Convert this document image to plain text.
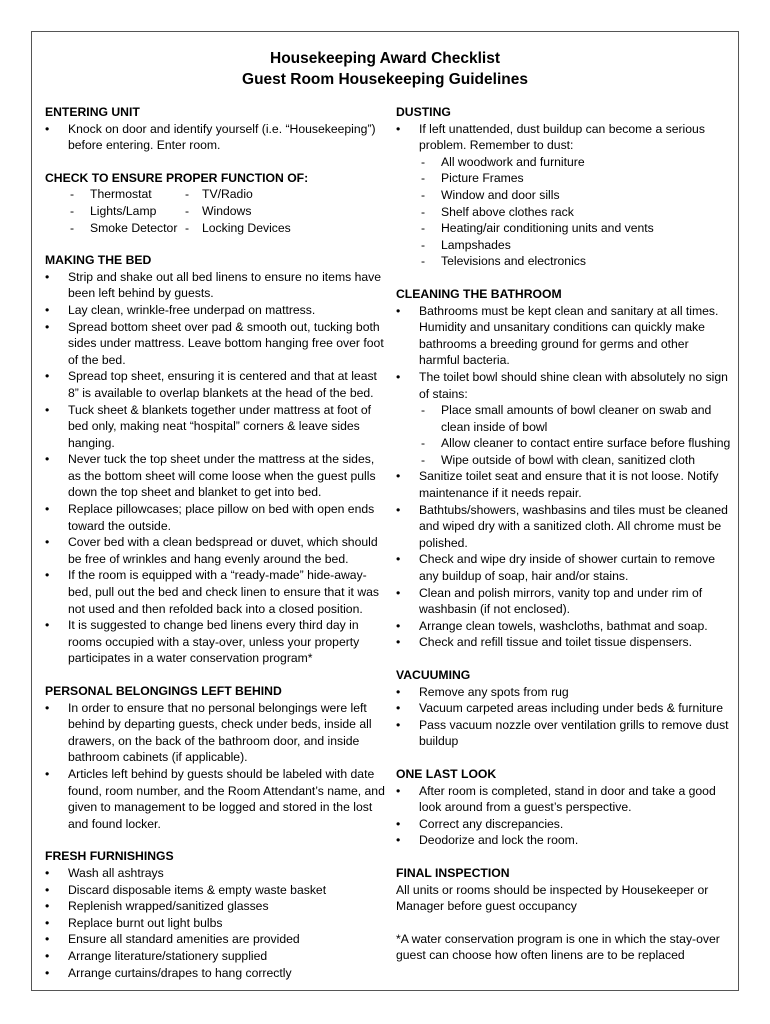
Housekeeping Award Checklist
Guest Room Housekeeping Guidelines
ENTERING UNIT
• Knock on door and identify yourself (i.e. “Housekeeping”) before entering. Enter room.
CHECK TO ENSURE PROPER FUNCTION OF:
- Thermostat	- TV/Radio
- Lights/Lamp	- Windows
- Smoke Detector	- Locking Devices
MAKING THE BED
• Strip and shake out all bed linens to ensure no items have been left behind by guests.
• Lay clean, wrinkle-free underpad on mattress.
• Spread bottom sheet over pad & smooth out, tucking both sides under mattress. Leave bottom hanging free over foot of the bed.
• Spread top sheet, ensuring it is centered and that at least 8” is available to overlap blankets at the head of the bed.
• Tuck sheet & blankets together under mattress at foot of bed only, making neat “hospital” corners & leave sides hanging.
• Never tuck the top sheet under the mattress at the sides, as the bottom sheet will come loose when the guest pulls down the top sheet and blanket to get into bed.
• Replace pillowcases; place pillow on bed with open ends toward the outside.
• Cover bed with a clean bedspread or duvet, which should be free of wrinkles and hang evenly around the bed.
• If the room is equipped with a “ready-made” hide-away-bed, pull out the bed and check linen to ensure that it was not used and then refolded back into a closed position.
• It is suggested to change bed linens every third day in rooms occupied with a stay-over, unless your property participates in a water conservation program*
PERSONAL BELONGINGS LEFT BEHIND
• In order to ensure that no personal belongings were left behind by departing guests, check under beds, inside all drawers, on the back of the bathroom door, and inside bathroom cabinets (if applicable).
• Articles left behind by guests should be labeled with date found, room number, and the Room Attendant’s name, and given to management to be logged and stored in the lost and found locker.
FRESH FURNISHINGS
• Wash all ashtrays
• Discard disposable items & empty waste basket
• Replenish wrapped/sanitized glasses
• Replace burnt out light bulbs
• Ensure all standard amenities are provided
• Arrange literature/stationery supplied
• Arrange curtains/drapes to hang correctly
DUSTING
• If left unattended, dust buildup can become a serious problem. Remember to dust:
- All woodwork and furniture
- Picture Frames
- Window and door sills
- Shelf above clothes rack
- Heating/air conditioning units and vents
- Lampshades
- Televisions and electronics
CLEANING THE BATHROOM
• Bathrooms must be kept clean and sanitary at all times. Humidity and unsanitary conditions can quickly make bathrooms a breeding ground for germs and other harmful bacteria.
• The toilet bowl should shine clean with absolutely no sign of stains:
- Place small amounts of bowl cleaner on swab and clean inside of bowl
- Allow cleaner to contact entire surface before flushing
- Wipe outside of bowl with clean, sanitized cloth
• Sanitize toilet seat and ensure that it is not loose. Notify maintenance if it needs repair.
• Bathtubs/showers, washbasins and tiles must be cleaned and wiped dry with a sanitized cloth. All chrome must be polished.
• Check and wipe dry inside of shower curtain to remove any buildup of soap, hair and/or stains.
• Clean and polish mirrors, vanity top and under rim of washbasin (if not enclosed).
• Arrange clean towels, washcloths, bathmat and soap.
• Check and refill tissue and toilet tissue dispensers.
VACUUMING
• Remove any spots from rug
• Vacuum carpeted areas including under beds & furniture
• Pass vacuum nozzle over ventilation grills to remove dust buildup
ONE LAST LOOK
• After room is completed, stand in door and take a good look around from a guest’s perspective.
• Correct any discrepancies.
• Deodorize and lock the room.
FINAL INSPECTION

All units or rooms should be inspected by Housekeeper or Manager before guest occupancy

*A water conservation program is one in which the stay-over guest can choose how often linens are to be replaced
